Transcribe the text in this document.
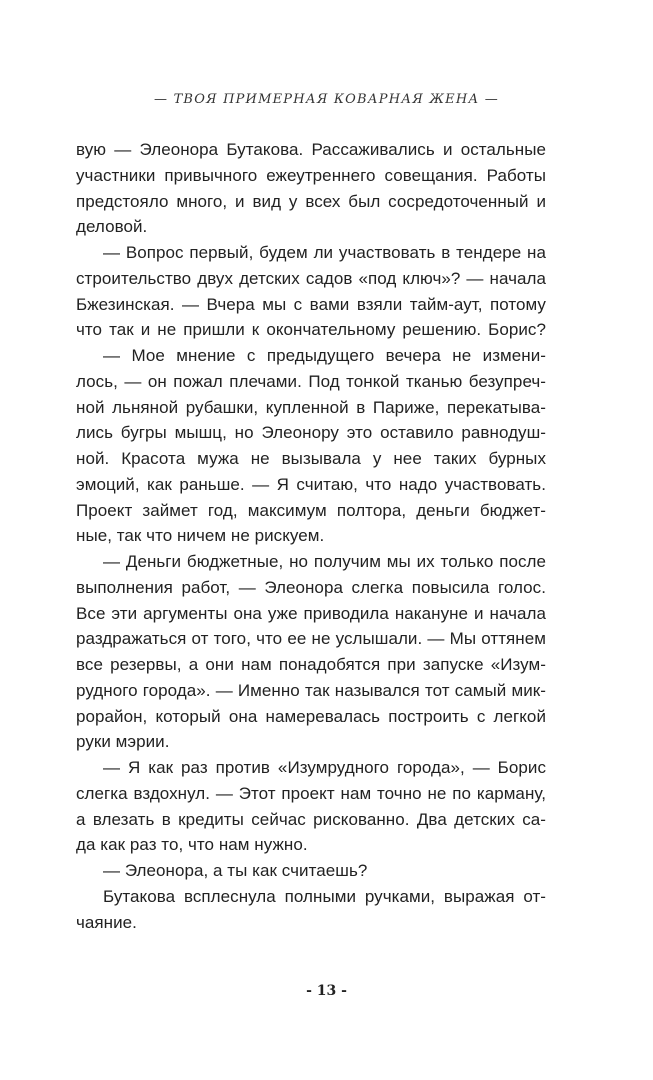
— ТВОЯ ПРИМЕРНАЯ КОВАРНАЯ ЖЕНА —
вую — Элеонора Бутакова. Рассаживались и остальные
участники привычного ежеутреннего совещания. Работы
предстояло много, и вид у всех был сосредоточенный и
деловой.
— Вопрос первый, будем ли участвовать в тендере на
строительство двух детских садов «под ключ»? — начала
Бжезинская. — Вчера мы с вами взяли тайм-аут, потому
что так и не пришли к окончательному решению. Борис?
— Мое мнение с предыдущего вечера не измени-
лось, — он пожал плечами. Под тонкой тканью безупреч-
ной льняной рубашки, купленной в Париже, перекатыва-
лись бугры мышц, но Элеонору это оставило равнодуш-
ной. Красота мужа не вызывала у нее таких бурных
эмоций, как раньше. — Я считаю, что надо участвовать.
Проект займет год, максимум полтора, деньги бюджет-
ные, так что ничем не рискуем.
— Деньги бюджетные, но получим мы их только после
выполнения работ, — Элеонора слегка повысила голос.
Все эти аргументы она уже приводила накануне и начала
раздражаться от того, что ее не услышали. — Мы оттянем
все резервы, а они нам понадобятся при запуске «Изум-
рудного города». — Именно так назывался тот самый мик-
рорайон, который она намеревалась построить с легкой
руки мэрии.
— Я как раз против «Изумрудного города», — Борис
слегка вздохнул. — Этот проект нам точно не по карману,
а влезать в кредиты сейчас рискованно. Два детских са-
да как раз то, что нам нужно.
— Элеонора, а ты как считаешь?
Бутакова всплеснула полными ручками, выражая от-
чаяние.
- 13 -
